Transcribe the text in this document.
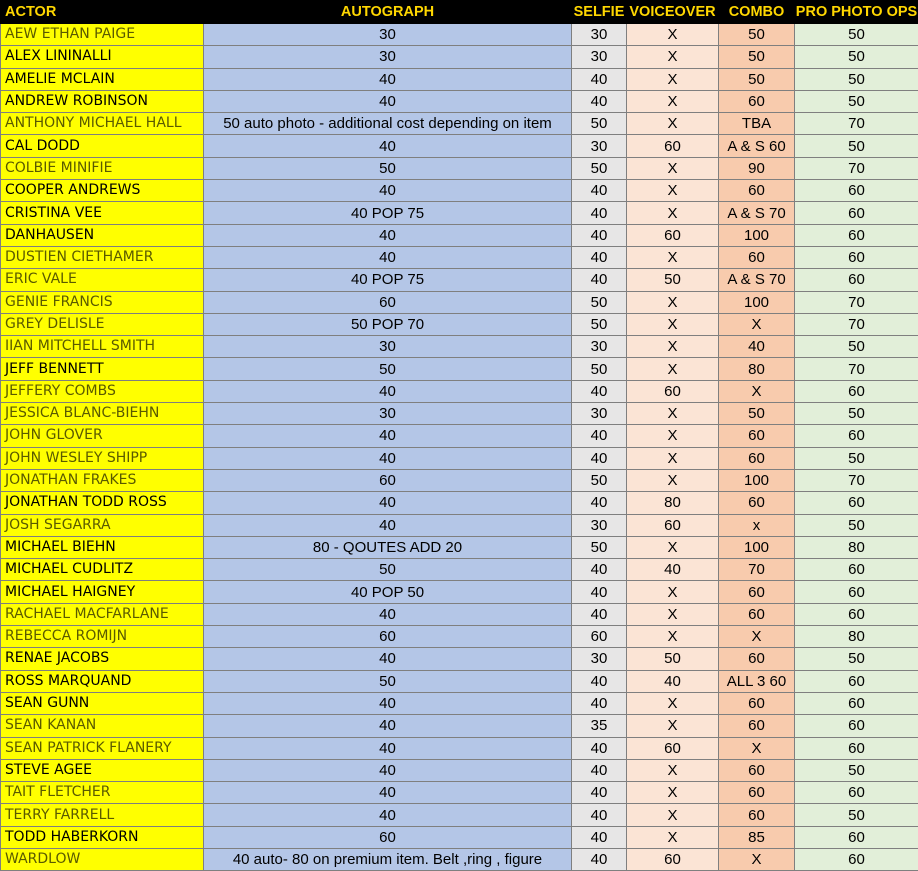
ACTOR	AUTOGRAPH	SELFIE	VOICEOVER	COMBO	PRO PHOTO OPS
AEW ETHAN PAIGE	30	30	X	50	50
ALEX LININALLI	30	30	X	50	50
AMELIE MCLAIN	40	40	X	50	50
ANDREW ROBINSON	40	40	X	60	50
ANTHONY MICHAEL HALL	50 auto photo - additional cost depending on item	50	X	TBA	70
CAL DODD	40	30	60	A & S 60	50
COLBIE MINIFIE	50	50	X	90	70
COOPER ANDREWS	40	40	X	60	60
CRISTINA VEE	40 POP 75	40	X	A & S 70	60
DANHAUSEN	40	40	60	100	60
DUSTIEN CIETHAMER	40	40	X	60	60
ERIC VALE	40 POP 75	40	50	A & S 70	60
GENIE FRANCIS	60	50	X	100	70
GREY DELISLE	50 POP 70	50	X	X	70
IIAN MITCHELL SMITH	30	30	X	40	50
JEFF BENNETT	50	50	X	80	70
JEFFERY COMBS	40	40	60	X	60
JESSICA BLANC-BIEHN	30	30	X	50	50
JOHN GLOVER	40	40	X	60	60
JOHN WESLEY SHIPP	40	40	X	60	50
JONATHAN FRAKES	60	50	X	100	70
JONATHAN TODD ROSS	40	40	80	60	60
JOSH SEGARRA	40	30	60	x	50
MICHAEL BIEHN	80 - QOUTES ADD 20	50	X	100	80
MICHAEL CUDLITZ	50	40	40	70	60
MICHAEL HAIGNEY	40 POP 50	40	X	60	60
RACHAEL MACFARLANE	40	40	X	60	60
REBECCA ROMIJN	60	60	X	X	80
RENAE JACOBS	40	30	50	60	50
ROSS MARQUAND	50	40	40	ALL 3 60	60
SEAN GUNN	40	40	X	60	60
SEAN KANAN	40	35	X	60	60
SEAN PATRICK FLANERY	40	40	60	X	60
STEVE AGEE	40	40	X	60	50
TAIT FLETCHER	40	40	X	60	60
TERRY FARRELL	40	40	X	60	50
TODD HABERKORN	60	40	X	85	60
WARDLOW	40 auto- 80 on premium item. Belt ,ring , figure	40	60	X	60
